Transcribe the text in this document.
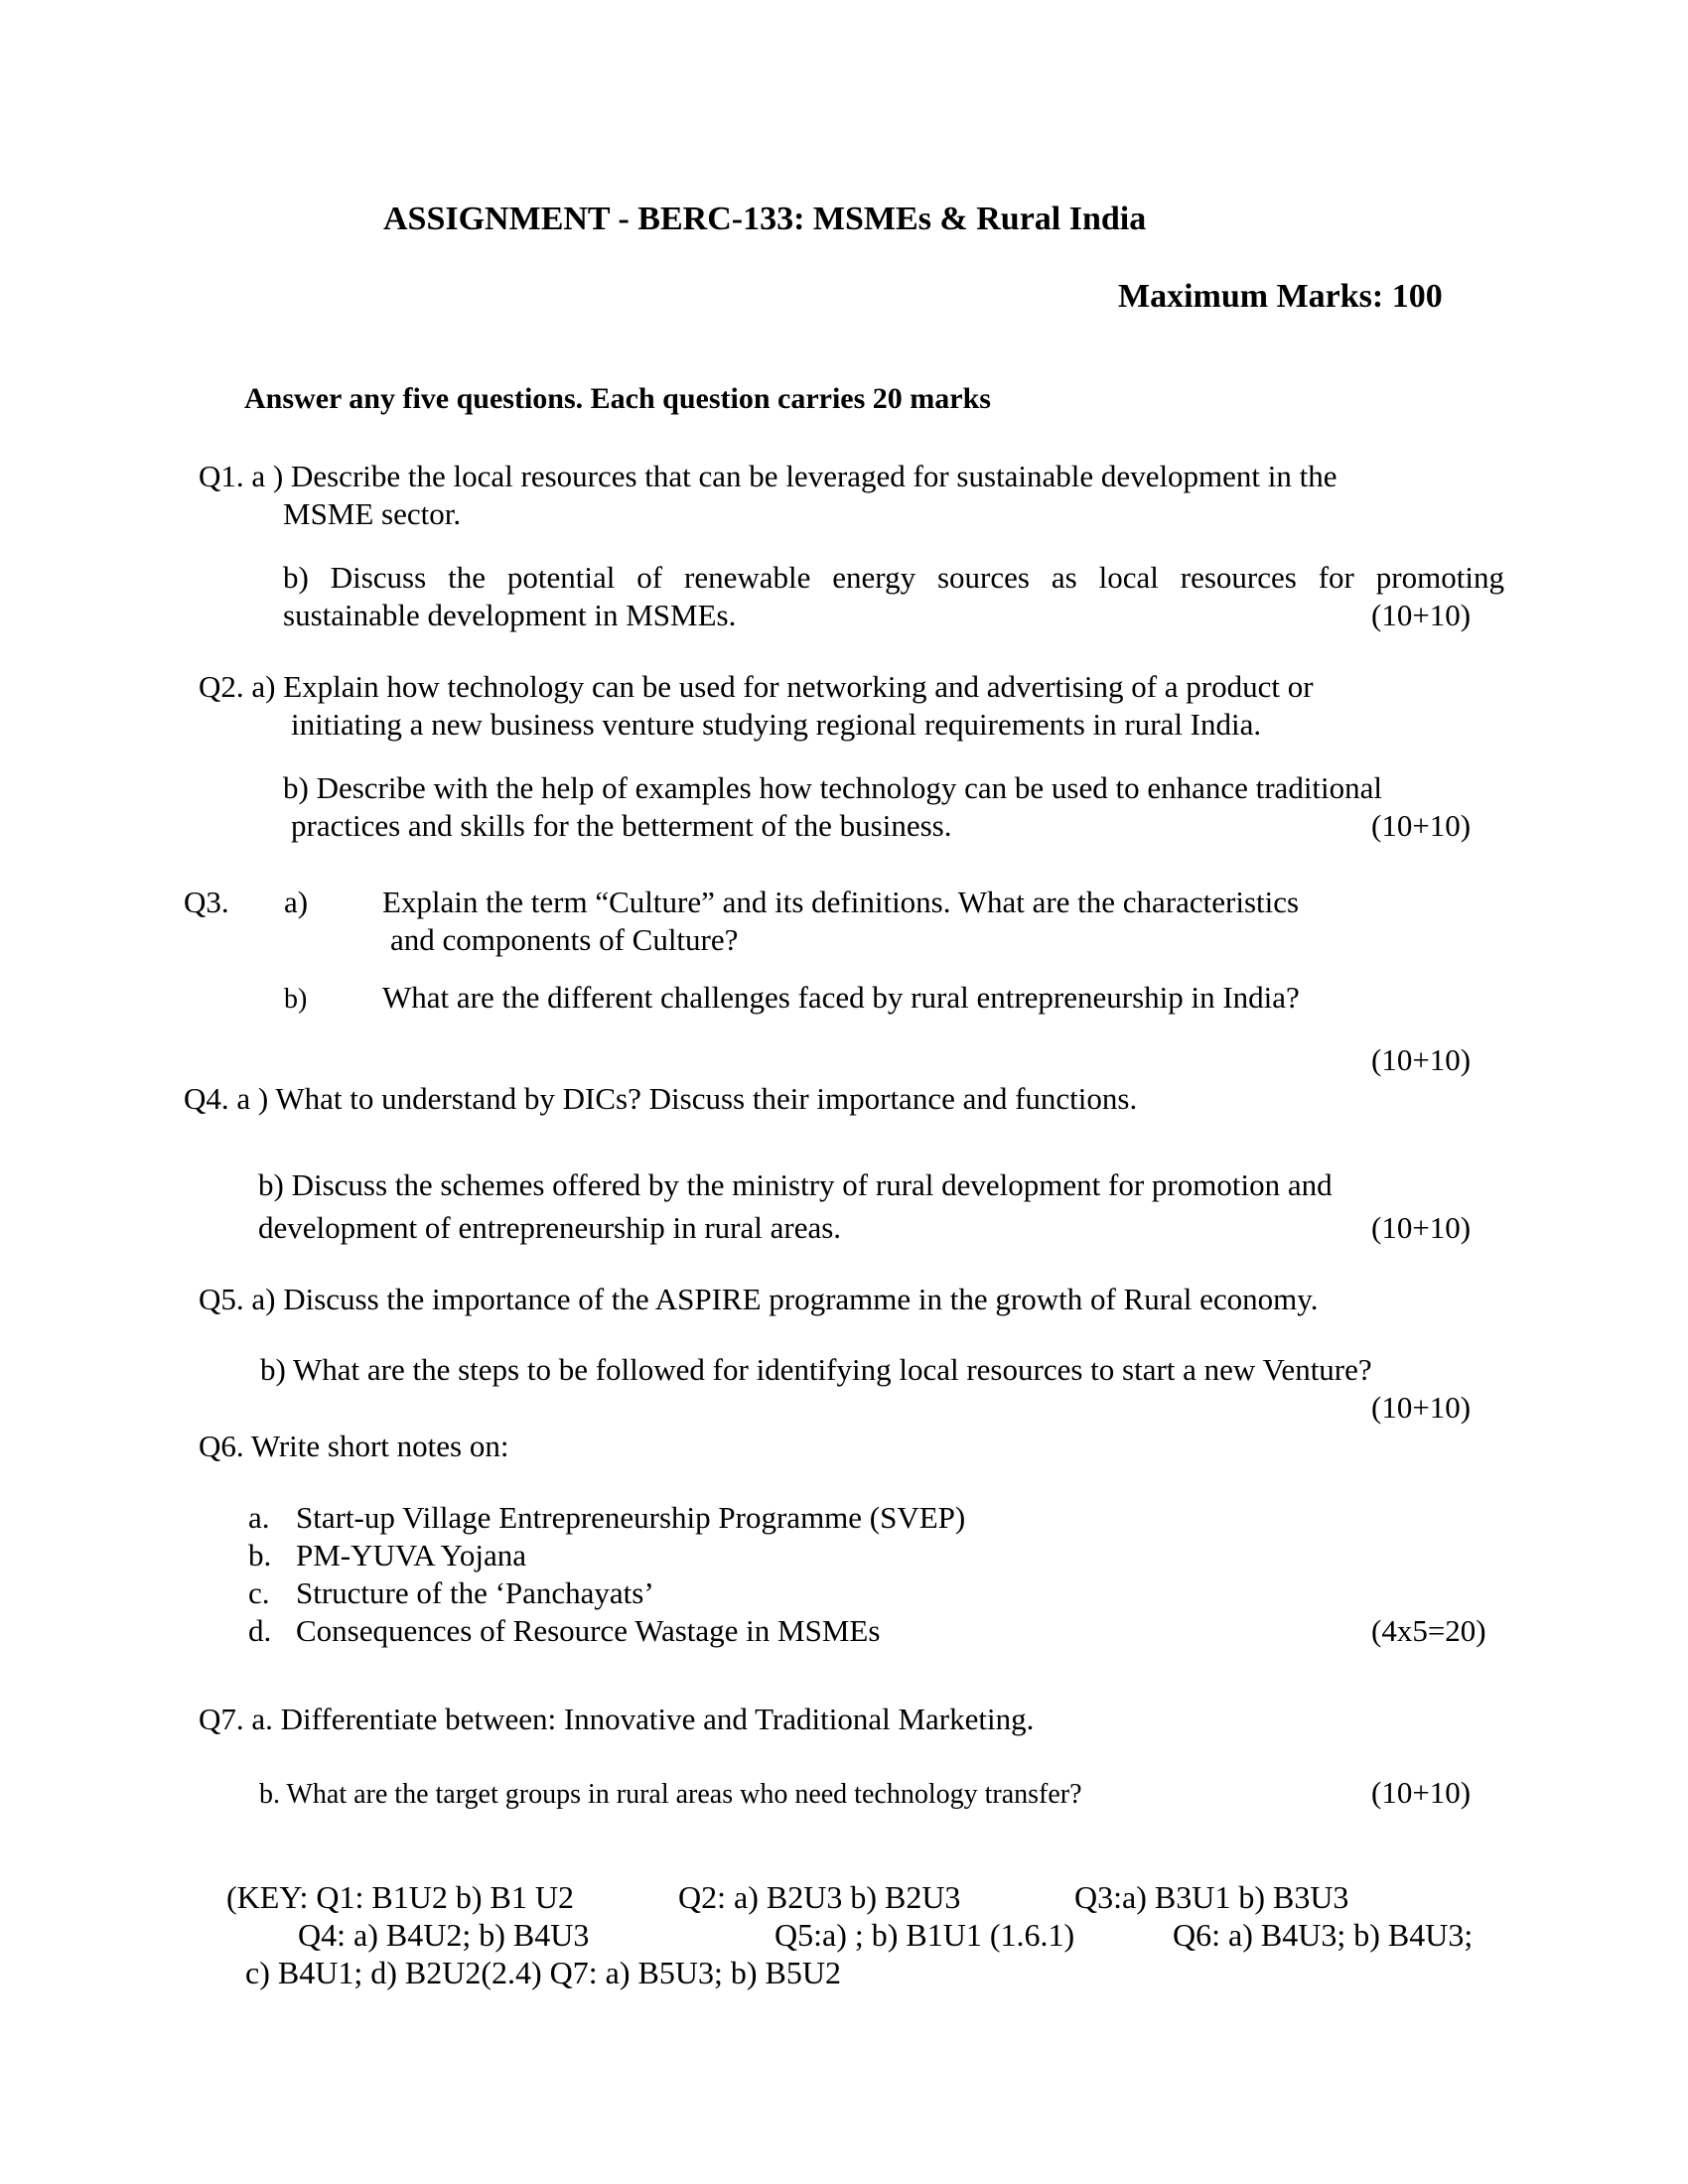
ASSIGNMENT - BERC-133: MSMEs & Rural India
Maximum Marks: 100
Answer any five questions. Each question carries 20 marks
Q1. a ) Describe the local resources that can be leveraged for sustainable development in the
MSME sector.
b) Discuss the potential of renewable energy sources as local resources for promoting
sustainable development in MSMEs.	(10+10)
Q2. a) Explain how technology can be used for networking and advertising of a product or
initiating a new business venture studying regional requirements in rural India.
b) Describe with the help of examples how technology can be used to enhance traditional
practices and skills for the betterment of the business.	(10+10)
Q3. a) Explain the term “Culture” and its definitions. What are the characteristics
and components of Culture?
b) What are the different challenges faced by rural entrepreneurship in India?
(10+10)
Q4. a ) What to understand by DICs? Discuss their importance and functions.
b) Discuss the schemes offered by the ministry of rural development for promotion and
development of entrepreneurship in rural areas.	(10+10)
Q5. a) Discuss the importance of the ASPIRE programme in the growth of Rural economy.
b) What are the steps to be followed for identifying local resources to start a new Venture?
(10+10)
Q6. Write short notes on:
a. Start-up Village Entrepreneurship Programme (SVEP)
b. PM-YUVA Yojana
c. Structure of the ‘Panchayats’
d. Consequences of Resource Wastage in MSMEs	(4x5=20)
Q7. a. Differentiate between: Innovative and Traditional Marketing.
b. What are the target groups in rural areas who need technology transfer?	(10+10)
(KEY: Q1: B1U2 b) B1 U2	Q2: a) B2U3 b) B2U3	Q3:a) B3U1 b) B3U3
Q4: a) B4U2; b) B4U3	Q5:a) ; b) B1U1 (1.6.1)	Q6: a) B4U3; b) B4U3;
c) B4U1; d) B2U2(2.4) Q7: a) B5U3; b) B5U2
